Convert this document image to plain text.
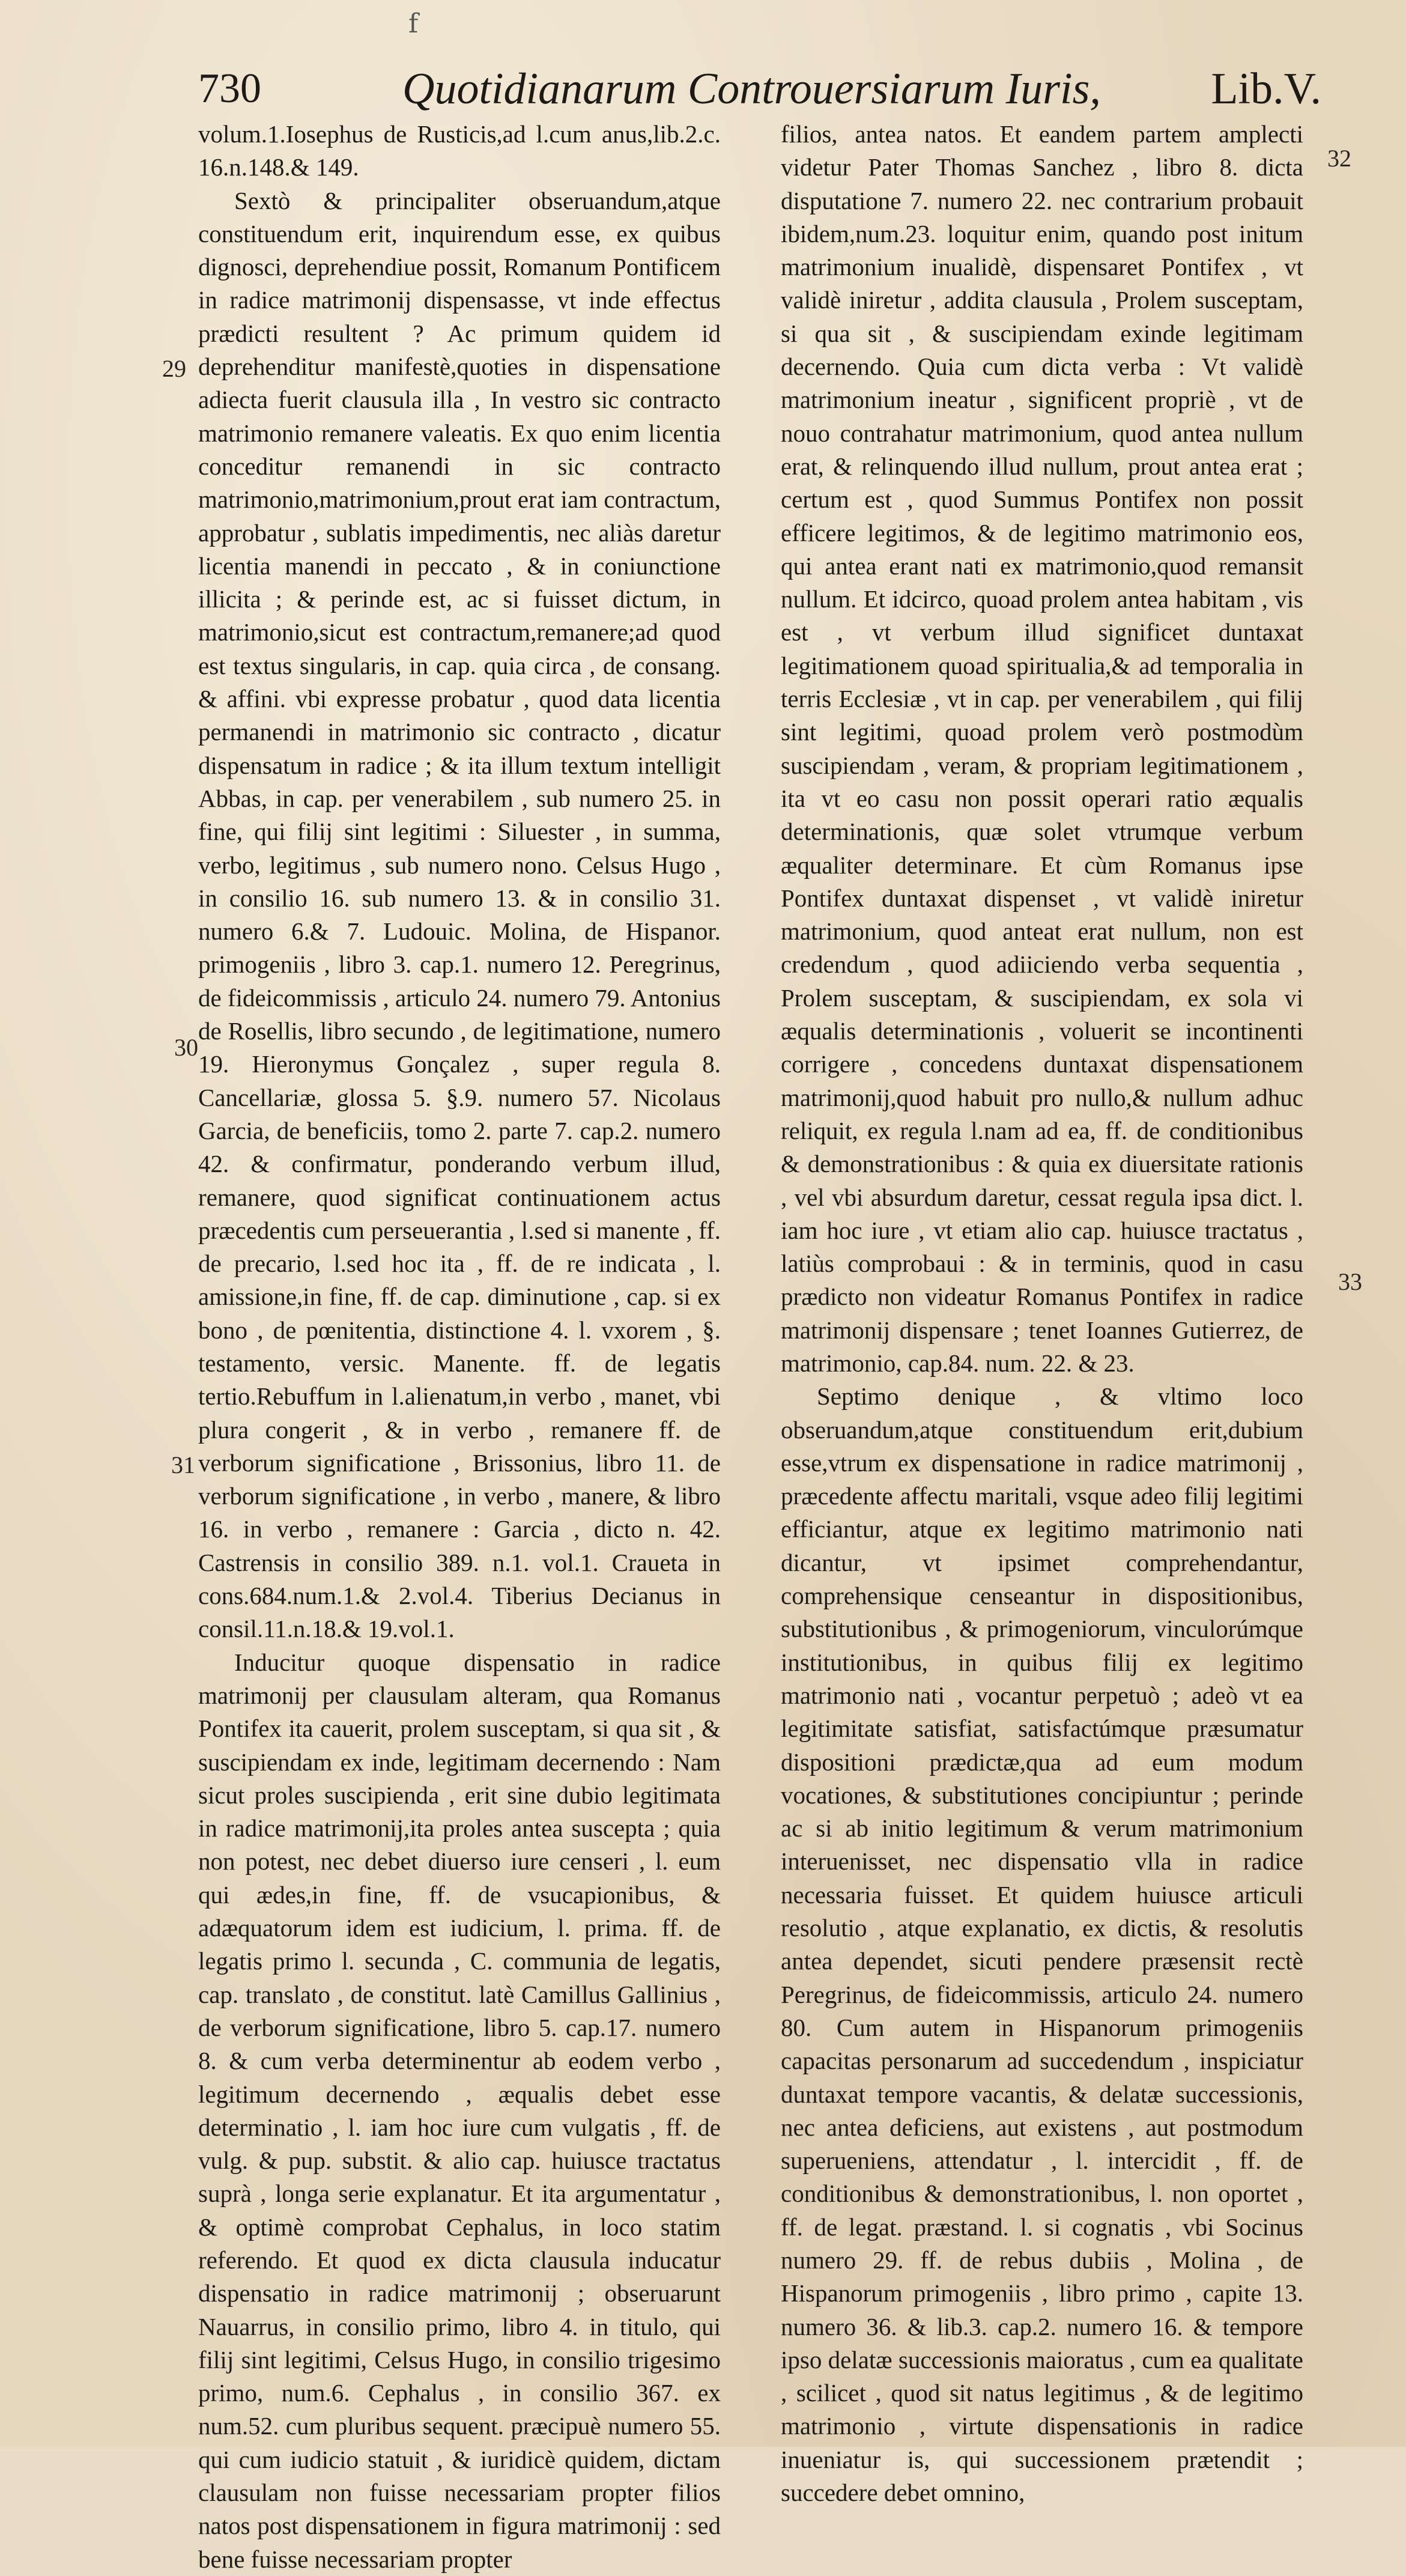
f
730	Quotidianarum Controuersiarum Iuris, Lib.V.
29
30
31
32
33

volum.1.Iosephus de Rusticis,ad l.cum anus,lib.2.c. 16.n.148.& 149.

Sextò & principaliter obseruandum,atque constituendum erit, inquirendum esse, ex quibus dignosci, deprehendiue possit, Romanum Pontificem in radice matrimonij dispensasse, vt inde effectus prædicti resultent ? Ac primum quidem id deprehenditur manifestè,quoties in dispensatione adiecta fuerit clausula illa , In vestro sic contracto matrimonio remanere valeatis. Ex quo enim licentia conceditur remanendi in sic contracto matrimonio,matrimonium,prout erat iam contractum, approbatur , sublatis impedimentis, nec aliàs daretur licentia manendi in peccato , & in coniunctione illicita ; & perinde est, ac si fuisset dictum, in matrimonio,sicut est contractum,remanere;ad quod est textus singularis, in cap. quia circa , de consang. & affini. vbi expresse probatur , quod data licentia permanendi in matrimonio sic contracto , dicatur dispensatum in radice ; & ita illum textum intelligit Abbas, in cap. per venerabilem , sub numero 25. in fine, qui filij sint legitimi : Siluester , in summa, verbo, legitimus , sub numero nono. Celsus Hugo , in consilio 16. sub numero 13. & in consilio 31. numero 6.& 7. Ludouic. Molina, de Hispanor. primogeniis , libro 3. cap.1. numero 12. Peregrinus, de fideicommissis , articulo 24. numero 79. Antonius de Rosellis, libro secundo , de legitimatione, numero 19. Hieronymus Gonçalez , super regula 8. Cancellariæ, glossa 5. §.9. numero 57. Nicolaus Garcia, de beneficiis, tomo 2. parte 7. cap.2. numero 42. & confirmatur, ponderando verbum illud, remanere, quod significat continuationem actus præcedentis cum perseuerantia , l.sed si manente , ff. de precario, l.sed hoc ita , ff. de re indicata , l. amissione,in fine, ff. de cap. diminutione , cap. si ex bono , de pœnitentia, distinctione 4. l. vxorem , §. testamento, versic. Manente. ff. de legatis tertio.Rebuffum in l.alienatum,in verbo , manet, vbi plura congerit , & in verbo , remanere ff. de verborum significatione , Brissonius, libro 11. de verborum significatione , in verbo , manere, & libro 16. in verbo , remanere : Garcia , dicto n. 42. Castrensis in consilio 389. n.1. vol.1. Craueta in cons.684.num.1.& 2.vol.4. Tiberius Decianus in consil.11.n.18.& 19.vol.1.

Inducitur quoque dispensatio in radice matrimonij per clausulam alteram, qua Romanus Pontifex ita cauerit, prolem susceptam, si qua sit , & suscipiendam ex inde, legitimam decernendo : Nam sicut proles suscipienda , erit sine dubio legitimata in radice matrimonij,ita proles antea suscepta ; quia non potest, nec debet diuerso iure censeri , l. eum qui ædes,in fine, ff. de vsucapionibus, & adæquatorum idem est iudicium, l. prima. ff. de legatis primo l. secunda , C. communia de legatis, cap. translato , de constitut. latè Camillus Gallinius , de verborum significatione, libro 5. cap.17. numero 8. & cum verba determinentur ab eodem verbo , legitimum decernendo , æqualis debet esse determinatio , l. iam hoc iure cum vulgatis , ff. de vulg. & pup. substit. & alio cap. huiusce tractatus suprà , longa serie explanatur. Et ita argumentatur , & optimè comprobat Cephalus, in loco statim referendo. Et quod ex dicta clausula inducatur dispensatio in radice matrimonij ; obseruarunt Nauarrus, in consilio primo, libro 4. in titulo, qui filij sint legitimi, Celsus Hugo, in consilio trigesimo primo, num.6. Cephalus , in consilio 367. ex num.52. cum pluribus sequent. præcipuè numero 55. qui cum iudicio statuit , & iuridicè quidem, dictam clausulam non fuisse necessariam propter filios natos post dispensationem in figura matrimonij : sed bene fuisse necessariam propter

filios, antea natos. Et eandem partem amplecti videtur Pater Thomas Sanchez , libro 8. dicta disputatione 7. numero 22. nec contrarium probauit ibidem,num.23. loquitur enim, quando post initum matrimonium inualidè, dispensaret Pontifex , vt validè iniretur , addita clausula , Prolem susceptam, si qua sit , & suscipiendam exinde legitimam decernendo. Quia cum dicta verba : Vt validè matrimonium ineatur , significent propriè , vt de nouo contrahatur matrimonium, quod antea nullum erat, & relinquendo illud nullum, prout antea erat ; certum est , quod Summus Pontifex non possit efficere legitimos, & de legitimo matrimonio eos, qui antea erant nati ex matrimonio,quod remansit nullum. Et idcirco, quoad prolem antea habitam , vis est , vt verbum illud significet duntaxat legitimationem quoad spiritualia,& ad temporalia in terris Ecclesiæ , vt in cap. per venerabilem , qui filij sint legitimi, quoad prolem verò postmodùm suscipiendam , veram, & propriam legitimationem , ita vt eo casu non possit operari ratio æqualis determinationis, quæ solet vtrumque verbum æqualiter determinare. Et cùm Romanus ipse Pontifex duntaxat dispenset , vt validè iniretur matrimonium, quod anteat erat nullum, non est credendum , quod adiiciendo verba sequentia , Prolem susceptam, & suscipiendam, ex sola vi æqualis determinationis , voluerit se incontinenti corrigere , concedens duntaxat dispensationem matrimonij,quod habuit pro nullo,& nullum adhuc reliquit, ex regula l.nam ad ea, ff. de conditionibus & demonstrationibus : & quia ex diuersitate rationis , vel vbi absurdum daretur, cessat regula ipsa dict. l. iam hoc iure , vt etiam alio cap. huiusce tractatus , latiùs comprobaui : & in terminis, quod in casu prædicto non videatur Romanus Pontifex in radice matrimonij dispensare ; tenet Ioannes Gutierrez, de matrimonio, cap.84. num. 22. & 23.

Septimo denique , & vltimo loco obseruandum,atque constituendum erit,dubium esse,vtrum ex dispensatione in radice matrimonij , præcedente affectu maritali, vsque adeo filij legitimi efficiantur, atque ex legitimo matrimonio nati dicantur, vt ipsimet comprehendantur, comprehensique censeantur in dispositionibus, substitutionibus , & primogeniorum, vinculorúmque institutionibus, in quibus filij ex legitimo matrimonio nati , vocantur perpetuò ; adeò vt ea legitimitate satisfiat, satisfactúmque præsumatur dispositioni prædictæ,qua ad eum modum vocationes, & substitutiones concipiuntur ; perinde ac si ab initio legitimum & verum matrimonium interuenisset, nec dispensatio vlla in radice necessaria fuisset. Et quidem huiusce articuli resolutio , atque explanatio, ex dictis, & resolutis antea dependet, sicuti pendere præsensit rectè Peregrinus, de fideicommissis, articulo 24. numero 80. Cum autem in Hispanorum primogeniis capacitas personarum ad succedendum , inspiciatur duntaxat tempore vacantis, & delatæ successionis, nec antea deficiens, aut existens , aut postmodum superueniens, attendatur , l. intercidit , ff. de conditionibus & demonstrationibus, l. non oportet , ff. de legat. præstand. l. si cognatis , vbi Socinus numero 29. ff. de rebus dubiis , Molina , de Hispanorum primogeniis , libro primo , capite 13. numero 36. & lib.3. cap.2. numero 16. & tempore ipso delatæ successionis maioratus , cum ea qualitate , scilicet , quod sit natus legitimus , & de legitimo matrimonio , virtute dispensationis in radice inueniatur is, qui successionem prætendit ; succedere debet omnino,
